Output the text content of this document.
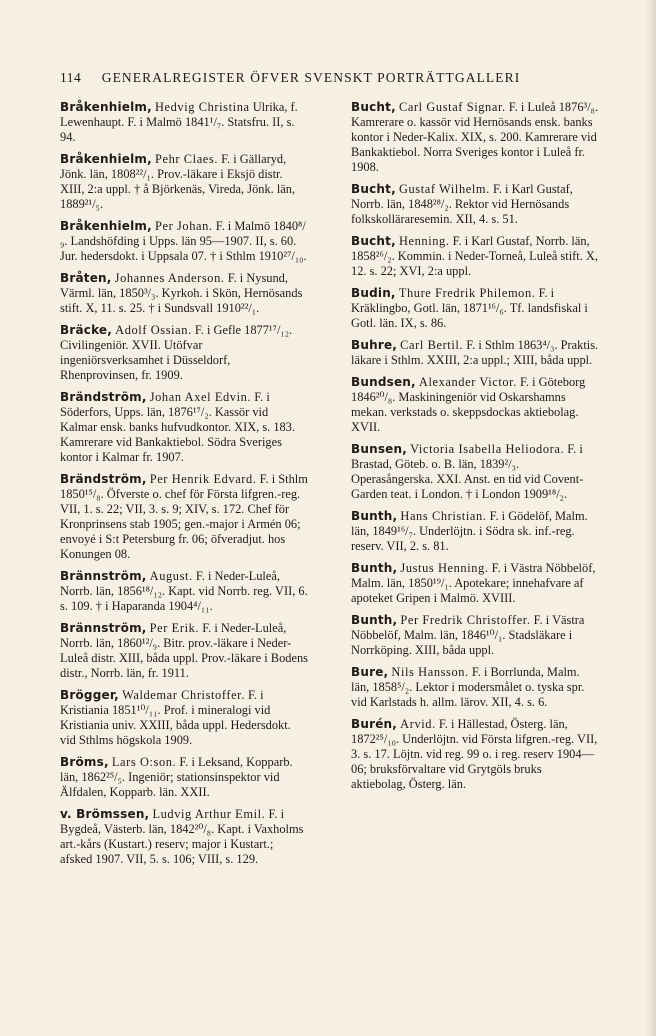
114 GENERALREGISTER ÖFVER SVENSKT PORTRÄTTGALLERI
Bråkenhielm, Hedvig Christina Ulrika, f. Lewenhaupt. F. i Malmö 1841¹/₇. Statsfru. II, s. 94.
Bråkenhielm, Pehr Claes. F. i Gällaryd, Jönk. län, 1808²²/₁. Prov.-läkare i Eksjö distr. XIII, 2:a uppl. † å Björkenäs, Vireda, Jönk. län, 1889²¹/₅.
Bråkenhielm, Per Johan. F. i Malmö 1840⁸/₉. Landshöfding i Upps. län 95—1907. II, s. 60. Jur. hedersdokt. i Uppsala 07. † i Sthlm 1910²⁷/₁₀.
Bråten, Johannes Anderson. F. i Nysund, Värml. län, 1850³/₃. Kyrkoh. i Skön, Hernösands stift. X, 11. s. 25. † i Sundsvall 1910²²/₁.
Bräcke, Adolf Ossian. F. i Gefle 1877¹⁷/₁₂. Civilingeniör. XVII. Utöfvar ingeniörsverksamhet i Düsseldorf, Rhenprovinsen, fr. 1909.
Brändström, Johan Axel Edvin. F. i Söderfors, Upps. län, 1876¹⁷/₂. Kassör vid Kalmar ensk. banks hufvudkontor. XIX, s. 183. Kamrerare vid Bankaktiebol. Södra Sveriges kontor i Kalmar fr. 1907.
Brändström, Per Henrik Edvard. F. i Sthlm 1850¹⁵/₈. Öfverste o. chef för Första lifgren.-reg. VII, 1. s. 22; VII, 3. s. 9; XIV, s. 172. Chef för Kronprinsens stab 1905; gen.-major i Armén 06; envoyé i S:t Petersburg fr. 06; öfveradjut. hos Konungen 08.
Brännström, August. F. i Neder-Luleå, Norrb. län, 1856¹⁸/₁₂. Kapt. vid Norrb. reg. VII, 6. s. 109. † i Haparanda 1904⁴/₁₁.
Brännström, Per Erik. F. i Neder-Luleå, Norrb. län, 1860¹²/₉. Bitr. prov.-läkare i Neder-Luleå distr. XIII, båda uppl. Prov.-läkare i Bodens distr., Norrb. län, fr. 1911.
Brögger, Waldemar Christoffer. F. i Kristiania 1851¹⁰/₁₁. Prof. i mineralogi vid Kristiania univ. XXIII, båda uppl. Hedersdokt. vid Sthlms högskola 1909.
Bröms, Lars O:son. F. i Leksand, Kopparb. län, 1862²⁵/₅. Ingeniör; stationsinspektor vid Älfdalen, Kopparb. län. XXII.
v. Brömssen, Ludvig Arthur Emil. F. i Bygdeå, Västerb. län, 1842²⁰/₈. Kapt. i Vaxholms art.-kårs (Kustart.) reserv; major i Kustart.; afsked 1907. VII, 5. s. 106; VIII, s. 129.
Bucht, Carl Gustaf Signar. F. i Luleå 1876³/₈. Kamrerare o. kassör vid Hernösands ensk. banks kontor i Neder-Kalix. XIX, s. 200. Kamrerare vid Bankaktiebol. Norra Sveriges kontor i Luleå fr. 1908.
Bucht, Gustaf Wilhelm. F. i Karl Gustaf, Norrb. län, 1848²⁸/₂. Rektor vid Hernösands folkskolläraresemin. XII, 4. s. 51.
Bucht, Henning. F. i Karl Gustaf, Norrb. län, 1858²⁶/₂. Kommin. i Neder-Torneå, Luleå stift. X, 12. s. 22; XVI, 2:a uppl.
Budin, Thure Fredrik Philemon. F. i Kräklingbo, Gotl. län, 1871¹⁶/₆. Tf. landsfiskal i Gotl. län. IX, s. 86.
Buhre, Carl Bertil. F. i Sthlm 1863⁴/₃. Praktis. läkare i Sthlm. XXIII, 2:a uppl.; XIII, båda uppl.
Bundsen, Alexander Victor. F. i Göteborg 1846²⁰/₈. Maskiningeniör vid Oskarshamns mekan. verkstads o. skeppsdockas aktiebolag. XVII.
Bunsen, Victoria Isabella Heliodora. F. i Brastad, Göteb. o. B. län, 1839²/₃. Operasångerska. XXI. Anst. en tid vid Covent-Garden teat. i London. † i London 1909¹⁸/₂.
Bunth, Hans Christian. F. i Gödelöf, Malm. län, 1849¹⁶/₇. Underlöjtn. i Södra sk. inf.-reg. reserv. VII, 2. s. 81.
Bunth, Justus Henning. F. i Västra Nöbbelöf, Malm. län, 1850¹⁹/₁. Apotekare; innehafvare af apoteket Gripen i Malmö. XVIII.
Bunth, Per Fredrik Christoffer. F. i Västra Nöbbelöf, Malm. län, 1846¹⁰/₁. Stadsläkare i Norrköping. XIII, båda uppl.
Bure, Nils Hansson. F. i Borrlunda, Malm. län, 1858⁵/₂. Lektor i modersmålet o. tyska spr. vid Karlstads h. allm. lärov. XII, 4. s. 6.
Burén, Arvid. F. i Hällestad, Österg. län, 1872²⁵/₁₀. Underlöjtn. vid Första lifgren.-reg. VII, 3. s. 17. Löjtn. vid reg. 99 o. i reg. reserv 1904—06; bruksförvaltare vid Grytgöls bruks aktiebolag, Österg. län.
